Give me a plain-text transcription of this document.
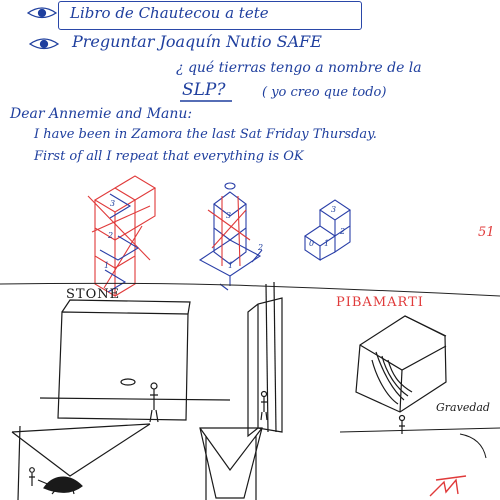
Libro de Chautecou a tete
Preguntar Joaquín Nutio SAFE
¿ qué tierras tengo a nombre de la
SLP?	( yo creo que todo)
Dear Annemie and Manu:
I have been in Zamora the last Sat Friday Thursday.
First of all I repeat that everything is OK
3
2
1
3
2
1
3
2
1
0
51
STONE
PIBAMARTI
Gravedad
